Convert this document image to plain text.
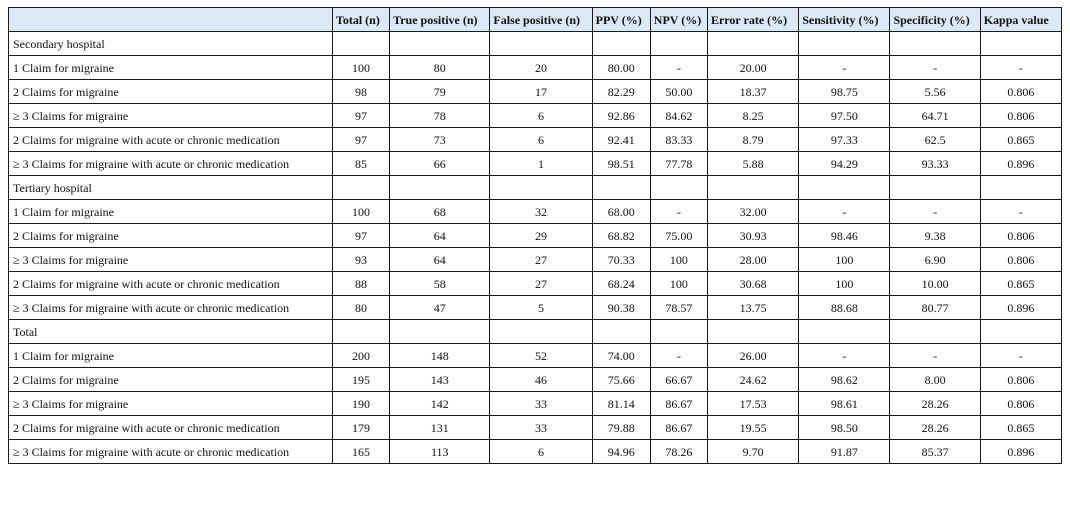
	Total (n)	True positive (n)	False positive (n)	PPV (%)	NPV (%)	Error rate (%)	Sensitivity (%)	Specificity (%)	Kappa value
Secondary hospital									
1 Claim for migraine	100	80	20	80.00	-	20.00	-	-	-
2 Claims for migraine	98	79	17	82.29	50.00	18.37	98.75	5.56	0.806
≥ 3 Claims for migraine	97	78	6	92.86	84.62	8.25	97.50	64.71	0.806
2 Claims for migraine with acute or chronic medication	97	73	6	92.41	83.33	8.79	97.33	62.5	0.865
≥ 3 Claims for migraine with acute or chronic medication	85	66	1	98.51	77.78	5.88	94.29	93.33	0.896
Tertiary hospital									
1 Claim for migraine	100	68	32	68.00	-	32.00	-	-	-
2 Claims for migraine	97	64	29	68.82	75.00	30.93	98.46	9.38	0.806
≥ 3 Claims for migraine	93	64	27	70.33	100	28.00	100	6.90	0.806
2 Claims for migraine with acute or chronic medication	88	58	27	68.24	100	30.68	100	10.00	0.865
≥ 3 Claims for migraine with acute or chronic medication	80	47	5	90.38	78.57	13.75	88.68	80.77	0.896
Total									
1 Claim for migraine	200	148	52	74.00	-	26.00	-	-	-
2 Claims for migraine	195	143	46	75.66	66.67	24.62	98.62	8.00	0.806
≥ 3 Claims for migraine	190	142	33	81.14	86.67	17.53	98.61	28.26	0.806
2 Claims for migraine with acute or chronic medication	179	131	33	79.88	86.67	19.55	98.50	28.26	0.865
≥ 3 Claims for migraine with acute or chronic medication	165	113	6	94.96	78.26	9.70	91.87	85.37	0.896
